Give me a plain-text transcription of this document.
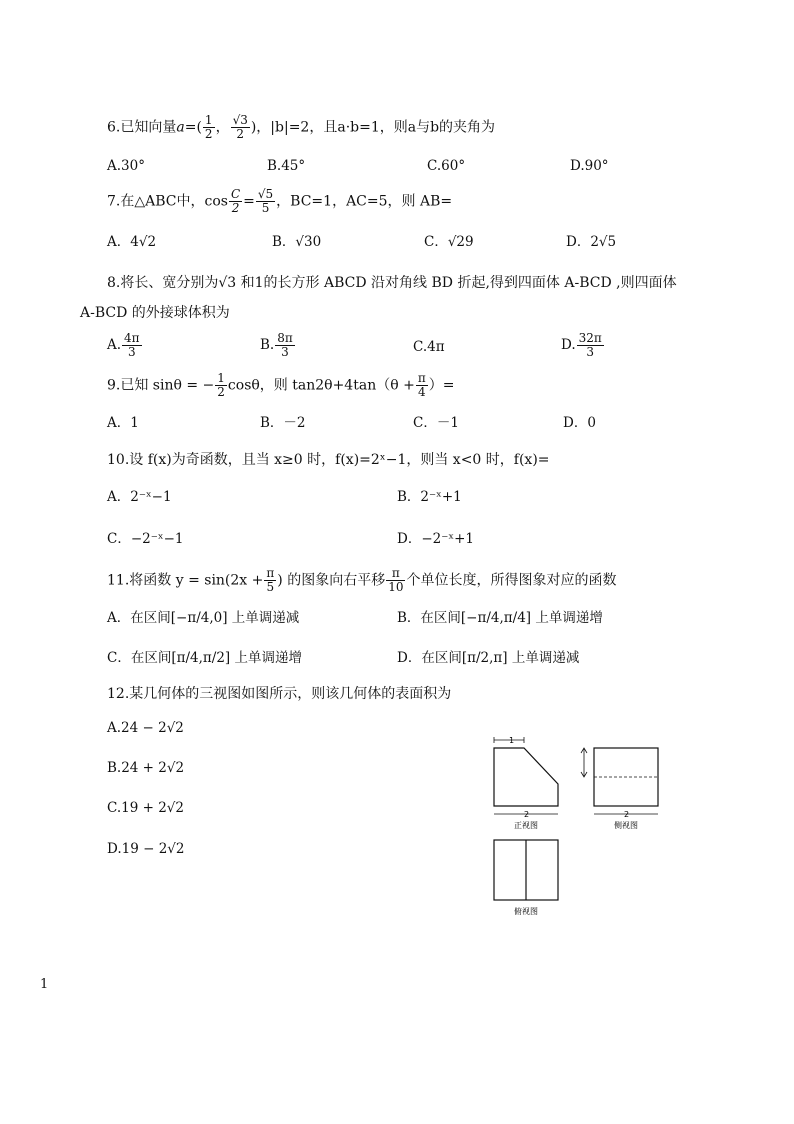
6.已知向量$a=( \frac{1}{2}$ ， $\frac{√3}{2}$ )，|b|=2，且a·b=1，则a与b的夹角为
A.30°	B.45°	C.60°	D.90°
7.在△ABC中，$\cos \frac{C}{2} = \frac{√5}{5}$ ，BC=1，AC=5，则 AB=
A．4√2	B．√30	C．√29	D．2√5
8.将长、宽分别为√3 和1的长方形 ABCD 沿对角线 BD 折起,得到四面体 A-BCD ,则四面体
A-BCD 的外接球体积为
A. $\frac{4\pi}{3}$	B. $\frac{8\pi}{3}$	C.4π	D. $\frac{32\pi}{3}$
9.已知 sinθ = − $\frac{1}{2}$ cosθ，则 $\tan 2\theta+4\tan(\theta + \frac{\pi}{4}$ ）=
A．1	B．－2	C．－1	D．0
10.设 f(x)为奇函数，且当 x≥0 时，f(x)=2ˣ−1，则当 x<0 时，f(x)=
A．2⁻ˣ−1	B．2⁻ˣ+1
C．−2⁻ˣ−1	D．−2⁻ˣ+1
11.将函数 $y = \sin(2x + \frac{\pi}{5}$ ) 的图象向右平移 $\frac{\pi}{10}$ 个单位长度，所得图象对应的函数
A．在区间[−π/4,0] 上单调递减	B．在区间[−π/4,π/4] 上单调递增
C．在区间[π/4,π/2] 上单调递增	D．在区间[π/2,π] 上单调递减
12.某几何体的三视图如图所示，则该几何体的表面积为
A.24 − 2√2
B.24 + 2√2
C.19 + 2√2
D.19 − 2√2
1
2	2
正视图	侧视图
俯视图
1
